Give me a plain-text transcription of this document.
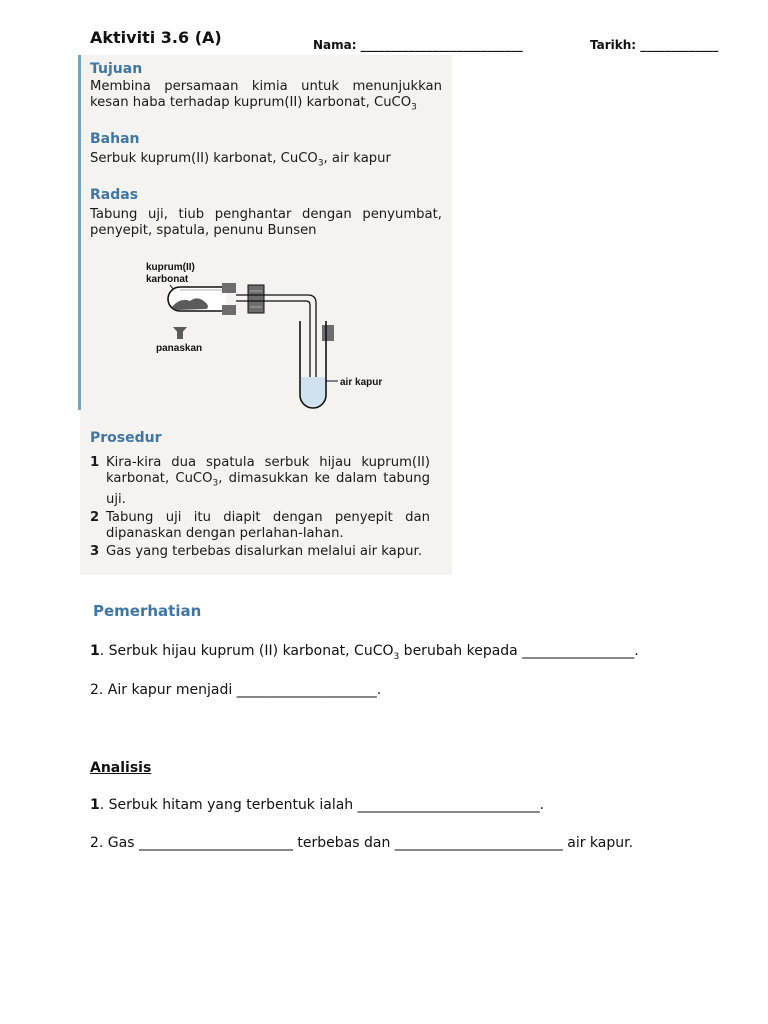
Aktiviti 3.6 (A)	Nama: ___________________________	Tarikh: _____________
Tujuan
Membina persamaan kimia untuk menunjukkan kesan haba terhadap kuprum(II) karbonat, CuCO$_3$
Bahan
Serbuk kuprum(II) karbonat, CuCO$_3$, air kapur
Radas
Tabung uji, tiub penghantar dengan penyumbat, penyepit, spatula, penunu Bunsen
kuprum(II)
karbonat
panaskan
air kapur
Prosedur
1 Kira-kira dua spatula serbuk hijau kuprum(II) karbonat, CuCO$_3$, dimasukkan ke dalam tabung uji.
2 Tabung uji itu diapit dengan penyepit dan dipanaskan dengan perlahan-lahan.
3 Gas yang terbebas disalurkan melalui air kapur.
Pemerhatian
1. Serbuk hijau kuprum (II) karbonat, CuCO$_3$ berubah kepada ________________.
2. Air kapur menjadi ____________________.
Analisis
1. Serbuk hitam yang terbentuk ialah __________________________.
2. Gas ______________________ terbebas dan ________________________ air kapur.
